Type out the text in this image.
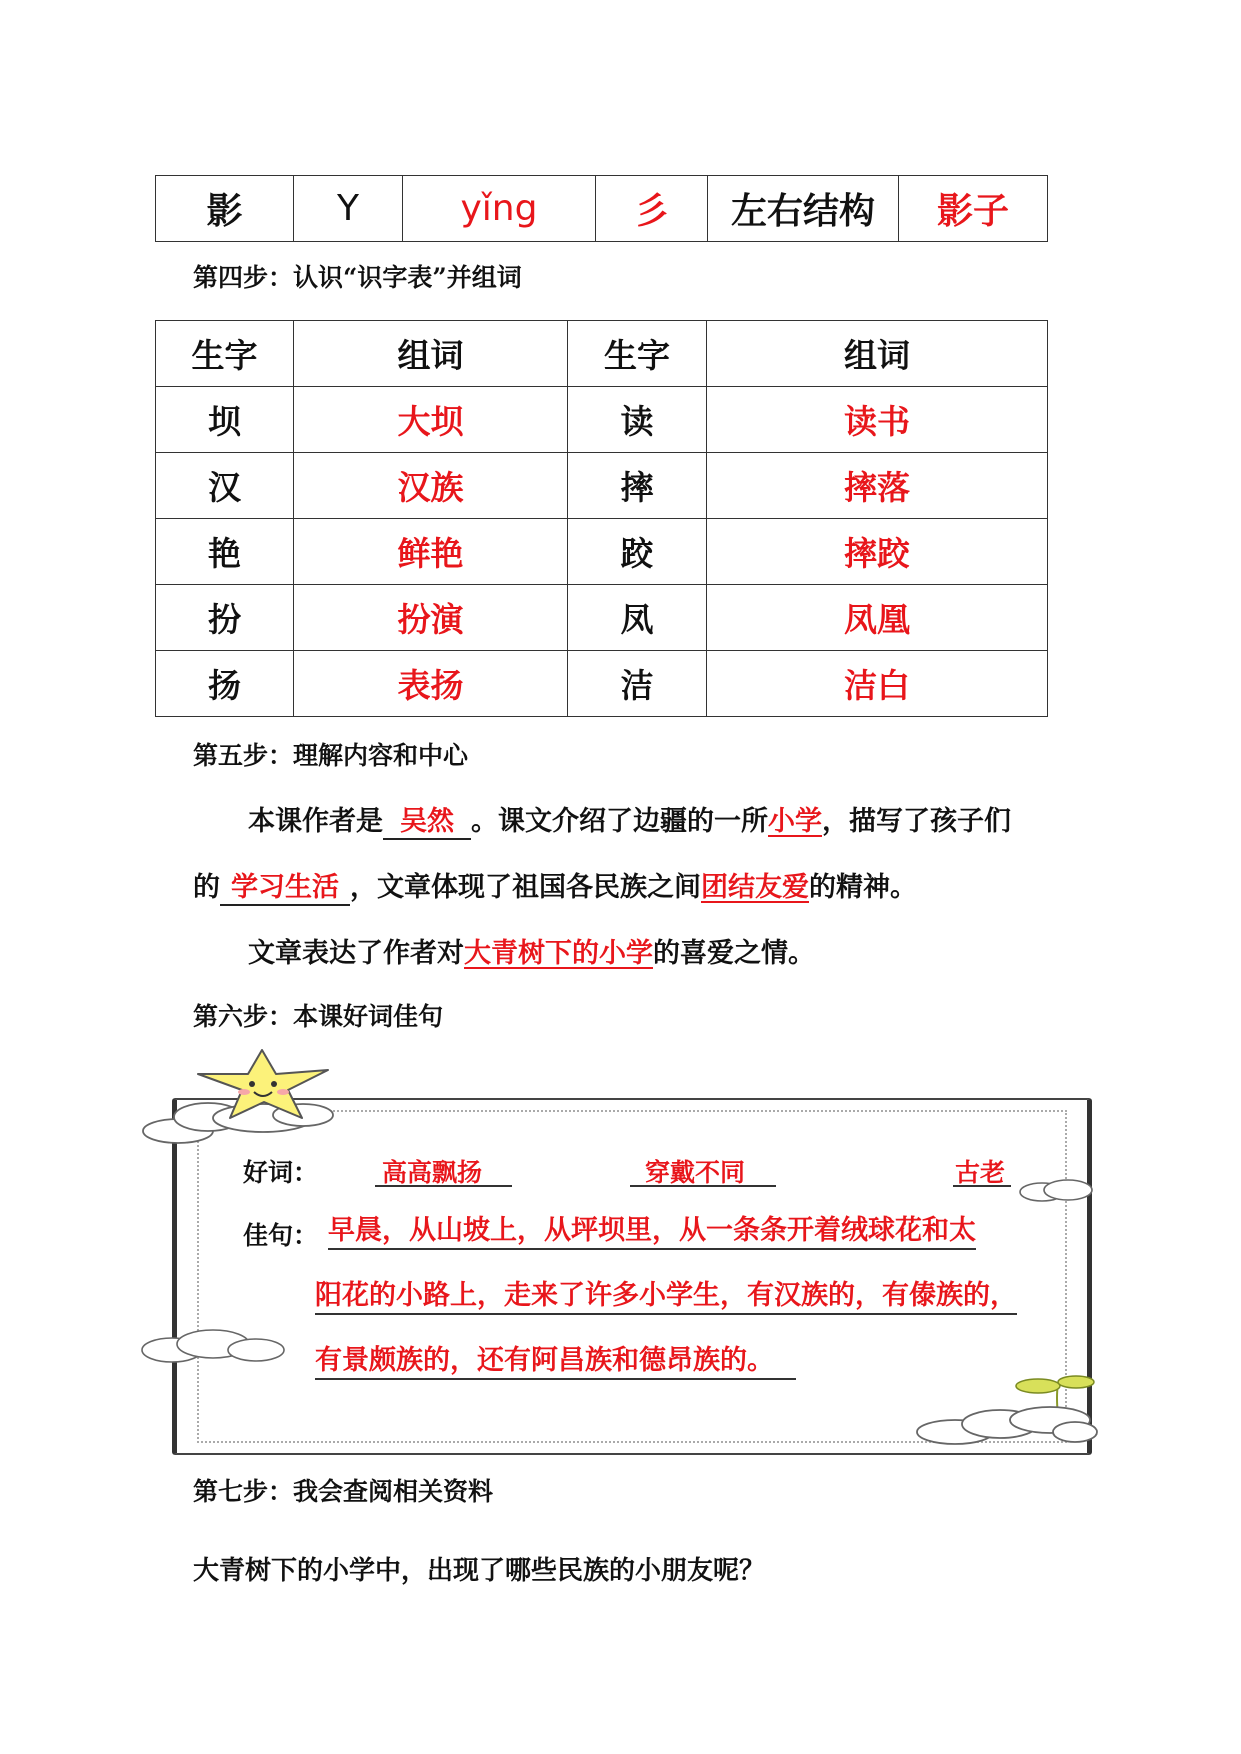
影	Y	yǐng	彡	左右结构	影子
第四步：认识“识字表”并组词
生字	组词	生字	组词
坝	大坝	读	读书
汉	汉族	摔	摔落
艳	鲜艳	跤	摔跤
扮	扮演	凤	凤凰
扬	表扬	洁	洁白
第五步：理解内容和中心
本课作者是 吴然 。课文介绍了边疆的一所小学，描写了孩子们
的 学习生活 ，文章体现了祖国各民族之间团结友爱的精神。
文章表达了作者对大青树下的小学的喜爱之情。
第六步：本课好词佳句
好词：	高高飘扬	穿戴不同	古老
佳句： 早晨，从山坡上，从坪坝里，从一条条开着绒球花和太
阳花的小路上，走来了许多小学生，有汉族的，有傣族的，
有景颇族的，还有阿昌族和德昂族的。
第七步：我会查阅相关资料
大青树下的小学中，出现了哪些民族的小朋友呢？
